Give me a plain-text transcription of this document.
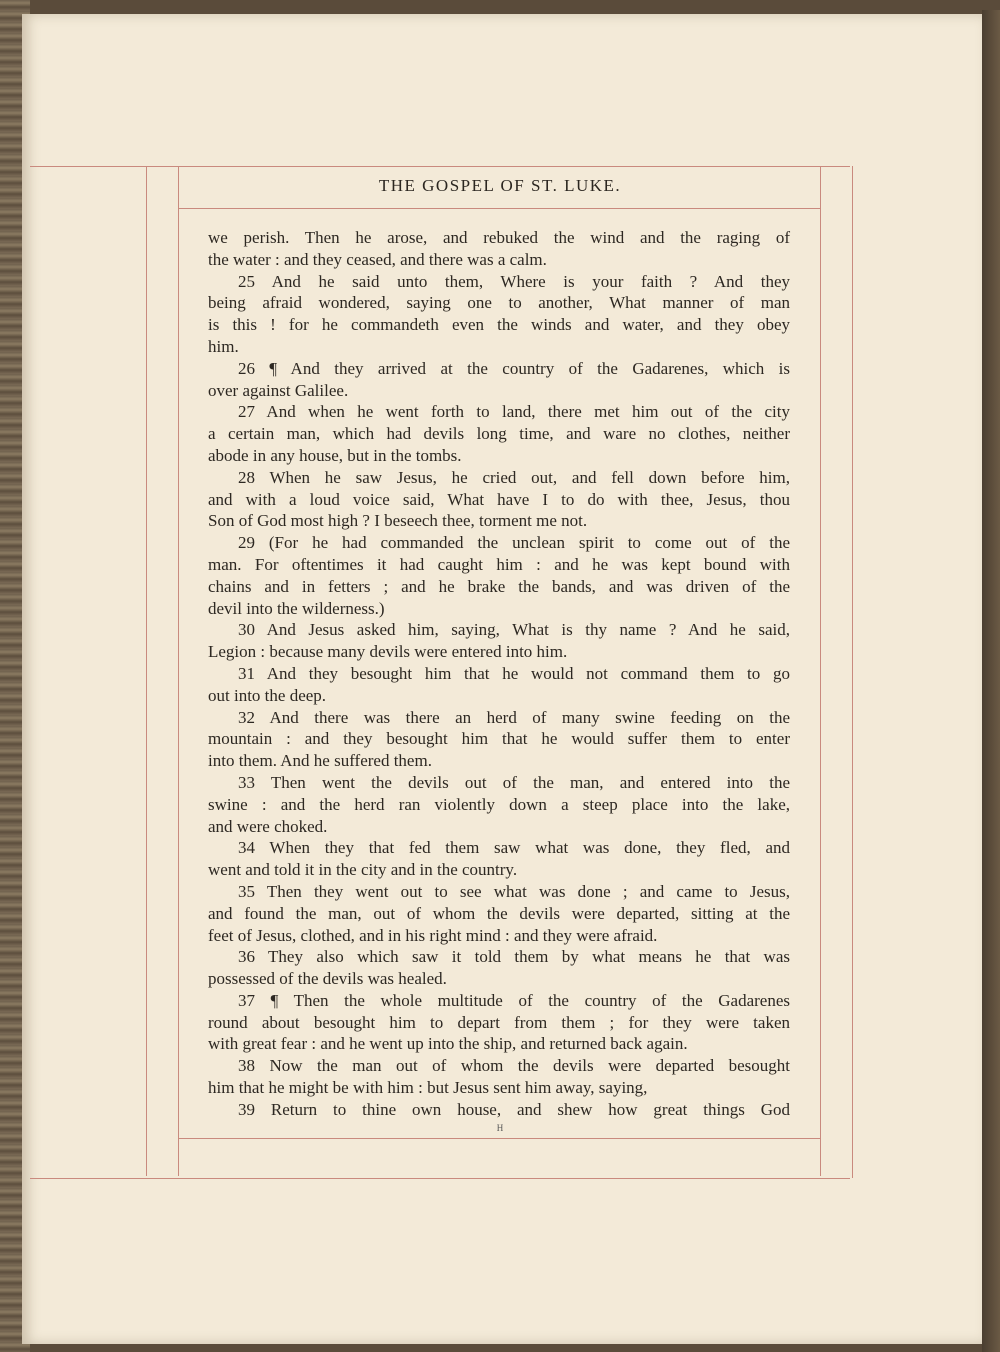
THE GOSPEL OF ST. LUKE.
we perish. Then he arose, and rebuked the wind and the raging of
the water : and they ceased, and there was a calm.
25 And he said unto them, Where is your faith ? And they
being afraid wondered, saying one to another, What manner of man
is this ! for he commandeth even the winds and water, and they obey
him.
26 ¶ And they arrived at the country of the Gadarenes, which is
over against Galilee.
27 And when he went forth to land, there met him out of the city
a certain man, which had devils long time, and ware no clothes, neither
abode in any house, but in the tombs.
28 When he saw Jesus, he cried out, and fell down before him,
and with a loud voice said, What have I to do with thee, Jesus, thou
Son of God most high ? I beseech thee, torment me not.
29 (For he had commanded the unclean spirit to come out of the
man. For oftentimes it had caught him : and he was kept bound with
chains and in fetters ; and he brake the bands, and was driven of the
devil into the wilderness.)
30 And Jesus asked him, saying, What is thy name ? And he said,
Legion : because many devils were entered into him.
31 And they besought him that he would not command them to go
out into the deep.
32 And there was there an herd of many swine feeding on the
mountain : and they besought him that he would suffer them to enter
into them. And he suffered them.
33 Then went the devils out of the man, and entered into the
swine : and the herd ran violently down a steep place into the lake,
and were choked.
34 When they that fed them saw what was done, they fled, and
went and told it in the city and in the country.
35 Then they went out to see what was done ; and came to Jesus,
and found the man, out of whom the devils were departed, sitting at the
feet of Jesus, clothed, and in his right mind : and they were afraid.
36 They also which saw it told them by what means he that was
possessed of the devils was healed.
37 ¶ Then the whole multitude of the country of the Gadarenes
round about besought him to depart from them ; for they were taken
with great fear : and he went up into the ship, and returned back again.
38 Now the man out of whom the devils were departed besought
him that he might be with him : but Jesus sent him away, saying,
39 Return to thine own house, and shew how great things God
H
